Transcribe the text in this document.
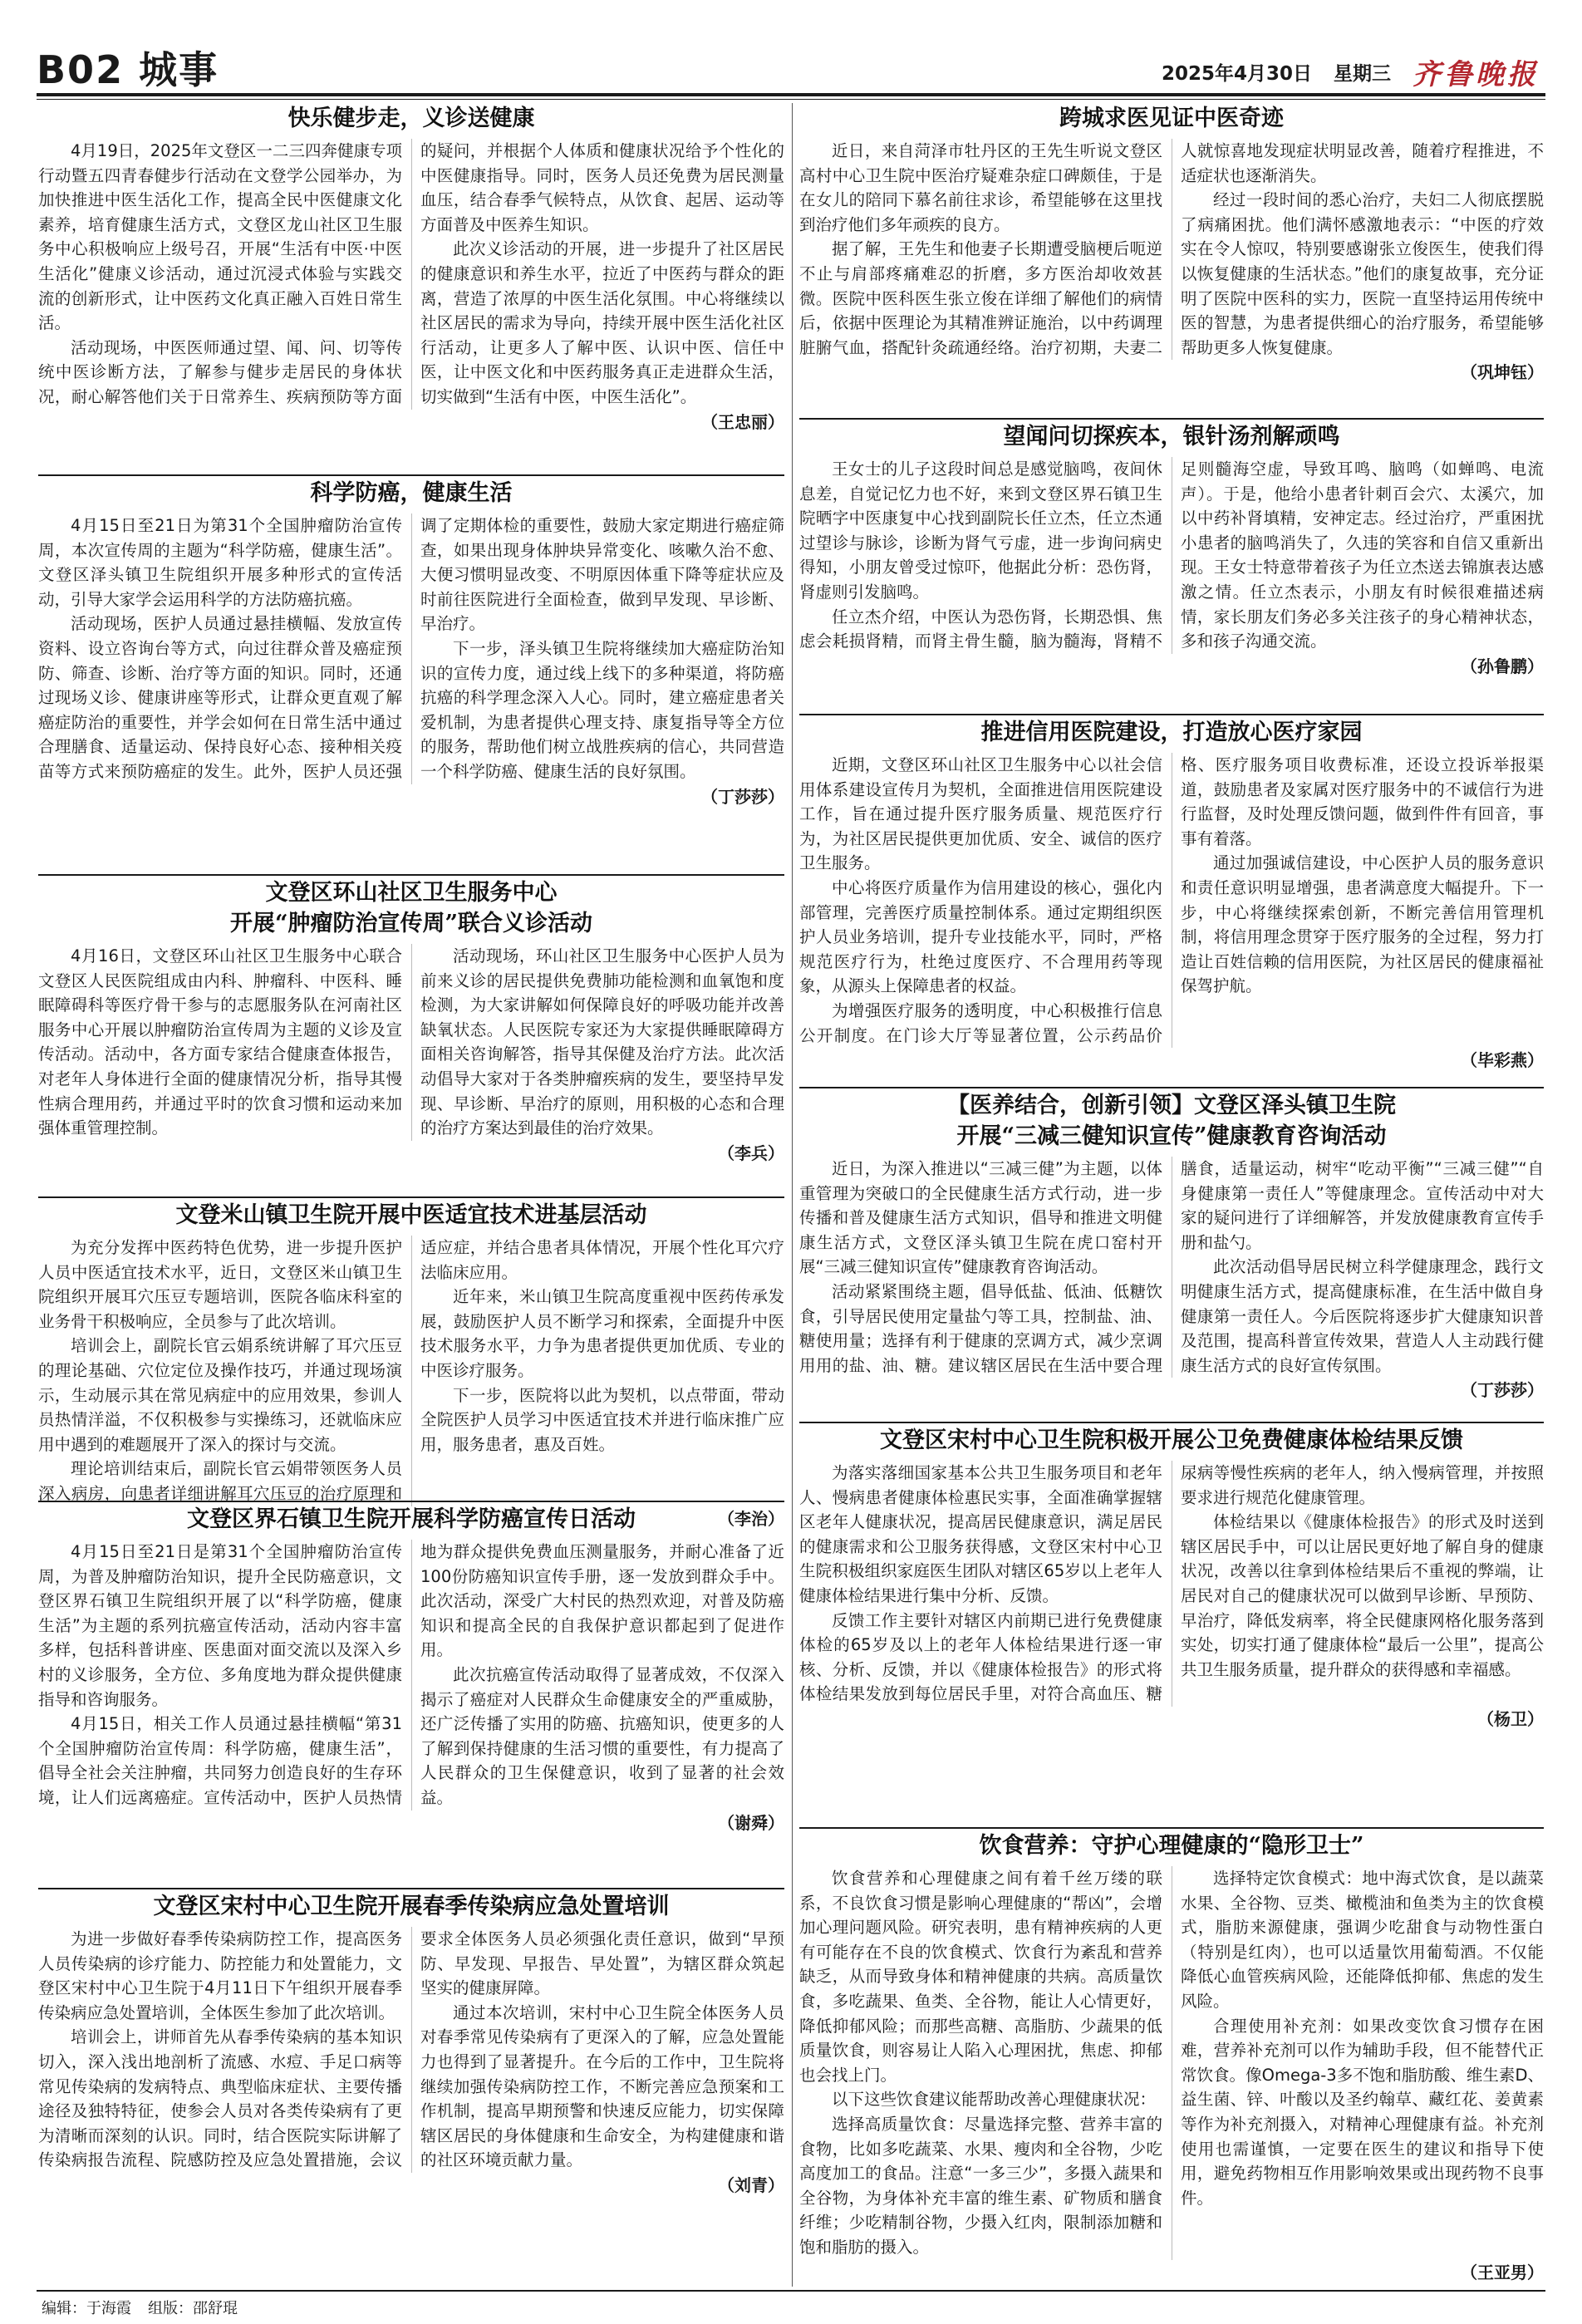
B02 城事	2025年4月30日 星期三 齐鲁晚报
快乐健步走，义诊送健康

4月19日，2025年文登区一二三四奔健康专项行动暨五四青春健步行活动在文登学公园举办，为加快推进中医生活化工作，提高全民中医健康文化素养，培育健康生活方式，文登区龙山社区卫生服务中心积极响应上级号召，开展“生活有中医·中医生活化”健康义诊活动，通过沉浸式体验与实践交流的创新形式，让中医药文化真正融入百姓日常生活。

活动现场，中医医师通过望、闻、问、切等传统中医诊断方法，了解参与健步走居民的身体状况，耐心解答他们关于日常养生、疾病预防等方面的疑问，并根据个人体质和健康状况给予个性化的中医健康指导。同时，医务人员还免费为居民测量血压，结合春季气候特点，从饮食、起居、运动等方面普及中医养生知识。

此次义诊活动的开展，进一步提升了社区居民的健康意识和养生水平，拉近了中医药与群众的距离，营造了浓厚的中医生活化氛围。中心将继续以社区居民的需求为导向，持续开展中医生活化社区行活动，让更多人了解中医、认识中医、信任中医，让中医文化和中医药服务真正走进群众生活，切实做到“生活有中医，中医生活化”。

（王忠丽）
科学防癌，健康生活

4月15日至21日为第31个全国肿瘤防治宣传周，本次宣传周的主题为“科学防癌，健康生活”。文登区泽头镇卫生院组织开展多种形式的宣传活动，引导大家学会运用科学的方法防癌抗癌。

活动现场，医护人员通过悬挂横幅、发放宣传资料、设立咨询台等方式，向过往群众普及癌症预防、筛查、诊断、治疗等方面的知识。同时，还通过现场义诊、健康讲座等形式，让群众更直观了解癌症防治的重要性，并学会如何在日常生活中通过合理膳食、适量运动、保持良好心态、接种相关疫苗等方式来预防癌症的发生。此外，医护人员还强调了定期体检的重要性，鼓励大家定期进行癌症筛查，如果出现身体肿块异常变化、咳嗽久治不愈、大便习惯明显改变、不明原因体重下降等症状应及时前往医院进行全面检查，做到早发现、早诊断、早治疗。

下一步，泽头镇卫生院将继续加大癌症防治知识的宣传力度，通过线上线下的多种渠道，将防癌抗癌的科学理念深入人心。同时，建立癌症患者关爱机制，为患者提供心理支持、康复指导等全方位的服务，帮助他们树立战胜疾病的信心，共同营造一个科学防癌、健康生活的良好氛围。

（丁莎莎）
文登区环山社区卫生服务中心
开展“肿瘤防治宣传周”联合义诊活动

4月16日，文登区环山社区卫生服务中心联合文登区人民医院组成由内科、肿瘤科、中医科、睡眠障碍科等医疗骨干参与的志愿服务队在河南社区服务中心开展以肿瘤防治宣传周为主题的义诊及宣传活动。活动中，各方面专家结合健康查体报告，对老年人身体进行全面的健康情况分析，指导其慢性病合理用药，并通过平时的饮食习惯和运动来加强体重管理控制。

活动现场，环山社区卫生服务中心医护人员为前来义诊的居民提供免费肺功能检测和血氧饱和度检测，为大家讲解如何保障良好的呼吸功能并改善缺氧状态。人民医院专家还为大家提供睡眠障碍方面相关咨询解答，指导其保健及治疗方法。此次活动倡导大家对于各类肿瘤疾病的发生，要坚持早发现、早诊断、早治疗的原则，用积极的心态和合理的治疗方案达到最佳的治疗效果。

（李兵）
文登米山镇卫生院开展中医适宜技术进基层活动

为充分发挥中医药特色优势，进一步提升医护人员中医适宜技术水平，近日，文登区米山镇卫生院组织开展耳穴压豆专题培训，医院各临床科室的业务骨干积极响应，全员参与了此次培训。

培训会上，副院长官云娟系统讲解了耳穴压豆的理论基础、穴位定位及操作技巧，并通过现场演示，生动展示其在常见病症中的应用效果，参训人员热情洋溢，不仅积极参与实操练习，还就临床应用中遇到的难题展开了深入的探讨与交流。

理论培训结束后，副院长官云娟带领医务人员深入病房，向患者详细讲解耳穴压豆的治疗原理和适应症，并结合患者具体情况，开展个性化耳穴疗法临床应用。

近年来，米山镇卫生院高度重视中医药传承发展，鼓励医护人员不断学习和探索，全面提升中医技术服务水平，力争为患者提供更加优质、专业的中医诊疗服务。

下一步，医院将以此为契机，以点带面，带动全院医护人员学习中医适宜技术并进行临床推广应用，服务患者，惠及百姓。

（李治）
文登区界石镇卫生院开展科学防癌宣传日活动

4月15日至21日是第31个全国肿瘤防治宣传周，为普及肿瘤防治知识，提升全民防癌意识，文登区界石镇卫生院组织开展了以“科学防癌，健康生活”为主题的系列抗癌宣传活动，活动内容丰富多样，包括科普讲座、医患面对面交流以及深入乡村的义诊服务，全方位、多角度地为群众提供健康指导和咨询服务。

4月15日，相关工作人员通过悬挂横幅“第31个全国肿瘤防治宣传周：科学防癌，健康生活”，倡导全社会关注肿瘤，共同努力创造良好的生存环境，让人们远离癌症。宣传活动中，医护人员热情地为群众提供免费血压测量服务，并耐心准备了近100份防癌知识宣传手册，逐一发放到群众手中。此次活动，深受广大村民的热烈欢迎，对普及防癌知识和提高全民的自我保护意识都起到了促进作用。

此次抗癌宣传活动取得了显著成效，不仅深入揭示了癌症对人民群众生命健康安全的严重威胁，还广泛传播了实用的防癌、抗癌知识，使更多的人了解到保持健康的生活习惯的重要性，有力提高了人民群众的卫生保健意识，收到了显著的社会效益。

（谢舜）
文登区宋村中心卫生院开展春季传染病应急处置培训

为进一步做好春季传染病防控工作，提高医务人员传染病的诊疗能力、防控能力和处置能力，文登区宋村中心卫生院于4月11日下午组织开展春季传染病应急处置培训，全体医生参加了此次培训。

培训会上，讲师首先从春季传染病的基本知识切入，深入浅出地剖析了流感、水痘、手足口病等常见传染病的发病特点、典型临床症状、主要传播途径及独特特征，使参会人员对各类传染病有了更为清晰而深刻的认识。同时，结合医院实际讲解了传染病报告流程、院感防控及应急处置措施，会议要求全体医务人员必须强化责任意识，做到“早预防、早发现、早报告、早处置”，为辖区群众筑起坚实的健康屏障。

通过本次培训，宋村中心卫生院全体医务人员对春季常见传染病有了更深入的了解，应急处置能力也得到了显著提升。在今后的工作中，卫生院将继续加强传染病防控工作，不断完善应急预案和工作机制，提高早期预警和快速反应能力，切实保障辖区居民的身体健康和生命安全，为构建健康和谐的社区环境贡献力量。

（刘青）
跨城求医见证中医奇迹

近日，来自菏泽市牡丹区的王先生听说文登区高村中心卫生院中医治疗疑难杂症口碑颇佳，于是在女儿的陪同下慕名前往求诊，希望能够在这里找到治疗他们多年顽疾的良方。

据了解，王先生和他妻子长期遭受脑梗后呃逆不止与肩部疼痛难忍的折磨，多方医治却收效甚微。医院中医科医生张立俊在详细了解他们的病情后，依据中医理论为其精准辨证施治，以中药调理脏腑气血，搭配针灸疏通经络。治疗初期，夫妻二人就惊喜地发现症状明显改善，随着疗程推进，不适症状也逐渐消失。

经过一段时间的悉心治疗，夫妇二人彻底摆脱了病痛困扰。他们满怀感激地表示：“中医的疗效实在令人惊叹，特别要感谢张立俊医生，使我们得以恢复健康的生活状态。”他们的康复故事，充分证明了医院中医科的实力，医院一直坚持运用传统中医的智慧，为患者提供细心的治疗服务，希望能够帮助更多人恢复健康。

（巩坤钰）
望闻问切探疾本，银针汤剂解顽鸣

王女士的儿子这段时间总是感觉脑鸣，夜间休息差，自觉记忆力也不好，来到文登区界石镇卫生院晒字中医康复中心找到副院长任立杰，任立杰通过望诊与脉诊，诊断为肾气亏虚，进一步询问病史得知，小朋友曾受过惊吓，他据此分析：恐伤肾，肾虚则引发脑鸣。

任立杰介绍，中医认为恐伤肾，长期恐惧、焦虑会耗损肾精，而肾主骨生髓，脑为髓海，肾精不足则髓海空虚，导致耳鸣、脑鸣（如蝉鸣、电流声）。于是，他给小患者针刺百会穴、太溪穴，加以中药补肾填精，安神定志。经过治疗，严重困扰小患者的脑鸣消失了，久违的笑容和自信又重新出现。王女士特意带着孩子为任立杰送去锦旗表达感激之情。任立杰表示，小朋友有时候很难描述病情，家长朋友们务必多关注孩子的身心精神状态，多和孩子沟通交流。

（孙鲁鹏）
推进信用医院建设，打造放心医疗家园

近期，文登区环山社区卫生服务中心以社会信用体系建设宣传月为契机，全面推进信用医院建设工作，旨在通过提升医疗服务质量、规范医疗行为，为社区居民提供更加优质、安全、诚信的医疗卫生服务。

中心将医疗质量作为信用建设的核心，强化内部管理，完善医疗质量控制体系。通过定期组织医护人员业务培训，提升专业技能水平，同时，严格规范医疗行为，杜绝过度医疗、不合理用药等现象，从源头上保障患者的权益。

为增强医疗服务的透明度，中心积极推行信息公开制度。在门诊大厅等显著位置，公示药品价格、医疗服务项目收费标准，还设立投诉举报渠道，鼓励患者及家属对医疗服务中的不诚信行为进行监督，及时处理反馈问题，做到件件有回音，事事有着落。

通过加强诚信建设，中心医护人员的服务意识和责任意识明显增强，患者满意度大幅提升。下一步，中心将继续探索创新，不断完善信用管理机制，将信用理念贯穿于医疗服务的全过程，努力打造让百姓信赖的信用医院，为社区居民的健康福祉保驾护航。

（毕彩燕）
【医养结合，创新引领】文登区泽头镇卫生院
开展“三减三健知识宣传”健康教育咨询活动

近日，为深入推进以“三减三健”为主题，以体重管理为突破口的全民健康生活方式行动，进一步传播和普及健康生活方式知识，倡导和推进文明健康生活方式，文登区泽头镇卫生院在虎口窑村开展“三减三健知识宣传”健康教育咨询活动。

活动紧紧围绕主题，倡导低盐、低油、低糖饮食，引导居民使用定量盐勺等工具，控制盐、油、糖使用量；选择有利于健康的烹调方式，减少烹调用用的盐、油、糖。建议辖区居民在生活中要合理膳食，适量运动，树牢“吃动平衡”“三减三健”“自身健康第一责任人”等健康理念。宣传活动中对大家的疑问进行了详细解答，并发放健康教育宣传手册和盐勺。

此次活动倡导居民树立科学健康理念，践行文明健康生活方式，提高健康标准，在生活中做自身健康第一责任人。今后医院将逐步扩大健康知识普及范围，提高科普宣传效果，营造人人主动践行健康生活方式的良好宣传氛围。

（丁莎莎）
文登区宋村中心卫生院积极开展公卫免费健康体检结果反馈

为落实落细国家基本公共卫生服务项目和老年人、慢病患者健康体检惠民实事，全面准确掌握辖区老年人健康状况，提高居民健康意识，满足居民的健康需求和公卫服务获得感，文登区宋村中心卫生院积极组织家庭医生团队对辖区65岁以上老年人健康体检结果进行集中分析、反馈。

反馈工作主要针对辖区内前期已进行免费健康体检的65岁及以上的老年人体检结果进行逐一审核、分析、反馈，并以《健康体检报告》的形式将体检结果发放到每位居民手里，对符合高血压、糖尿病等慢性疾病的老年人，纳入慢病管理，并按照要求进行规范化健康管理。

体检结果以《健康体检报告》的形式及时送到辖区居民手中，可以让居民更好地了解自身的健康状况，改善以往拿到体检结果后不重视的弊端，让居民对自己的健康状况可以做到早诊断、早预防、早治疗，降低发病率，将全民健康网格化服务落到实处，切实打通了健康体检“最后一公里”，提高公共卫生服务质量，提升群众的获得感和幸福感。

（杨卫）
饮食营养：守护心理健康的“隐形卫士”

饮食营养和心理健康之间有着千丝万缕的联系，不良饮食习惯是影响心理健康的“帮凶”，会增加心理问题风险。研究表明，患有精神疾病的人更有可能存在不良的饮食模式、饮食行为紊乱和营养缺乏，从而导致身体和精神健康的共病。高质量饮食，多吃蔬果、鱼类、全谷物，能让人心情更好，降低抑郁风险；而那些高糖、高脂肪、少蔬果的低质量饮食，则容易让人陷入心理困扰，焦虑、抑郁也会找上门。

以下这些饮食建议能帮助改善心理健康状况：

选择高质量饮食：尽量选择完整、营养丰富的食物，比如多吃蔬菜、水果、瘦肉和全谷物，少吃高度加工的食品。注意“一多三少”，多摄入蔬果和全谷物，为身体补充丰富的维生素、矿物质和膳食纤维；少吃精制谷物，少摄入红肉，限制添加糖和饱和脂肪的摄入。

选择特定饮食模式：地中海式饮食，是以蔬菜水果、全谷物、豆类、橄榄油和鱼类为主的饮食模式，脂肪来源健康，强调少吃甜食与动物性蛋白（特别是红肉），也可以适量饮用葡萄酒。不仅能降低心血管疾病风险，还能降低抑郁、焦虑的发生风险。

合理使用补充剂：如果改变饮食习惯存在困难，营养补充剂可以作为辅助手段，但不能替代正常饮食。像Omega-3多不饱和脂肪酸、维生素D、益生菌、锌、叶酸以及圣约翰草、藏红花、姜黄素等作为补充剂摄入，对精神心理健康有益。补充剂使用也需谨慎，一定要在医生的建议和指导下使用，避免药物相互作用影响效果或出现药物不良事件。

（王亚男）
编辑：于海霞 组版：邵舒琨
